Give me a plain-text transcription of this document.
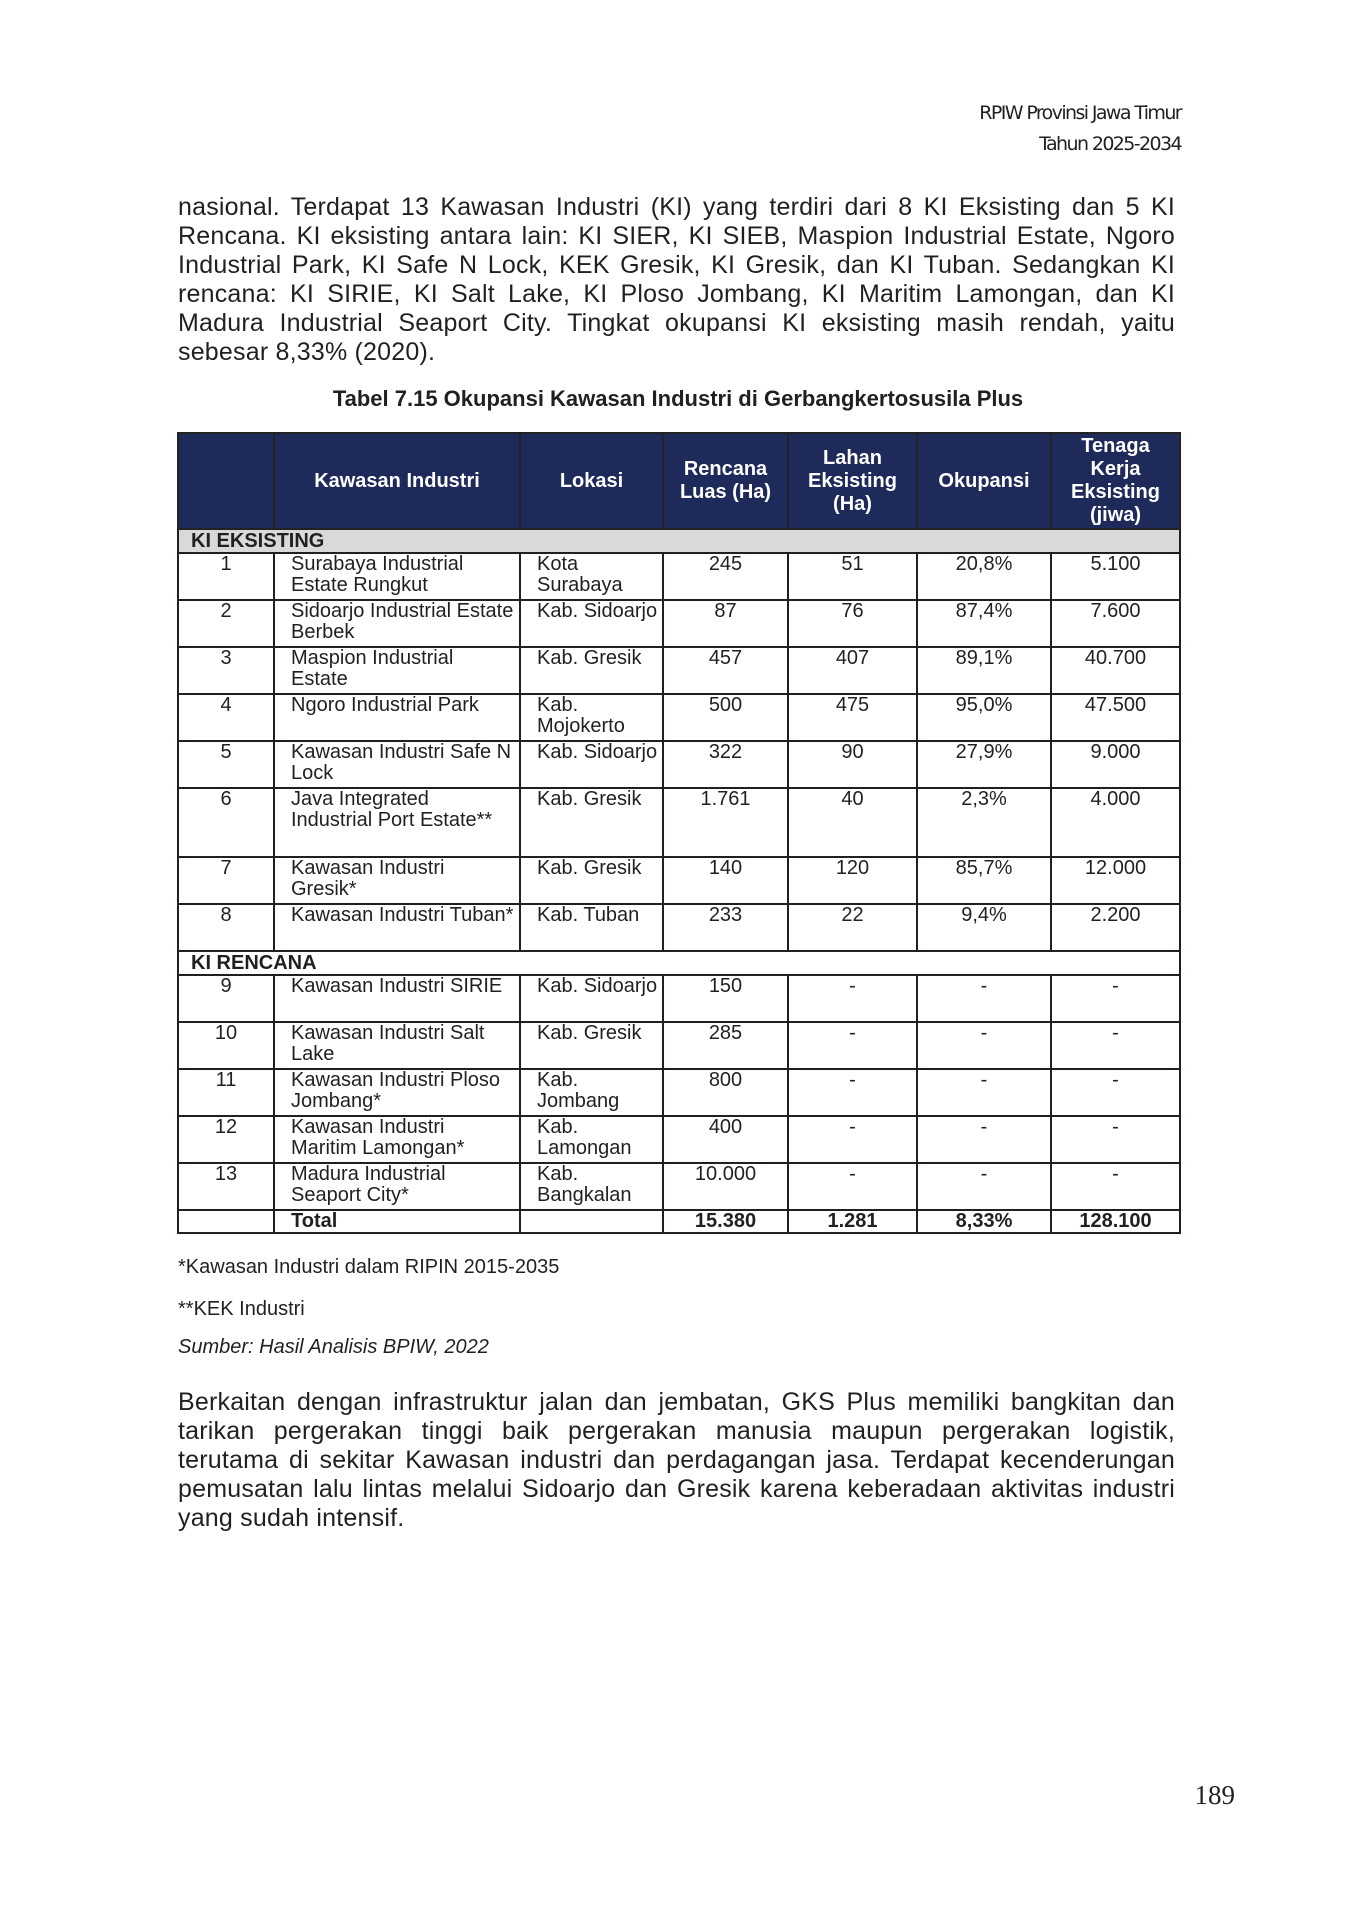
RPIW Provinsi Jawa Timur
Tahun 2025-2034
nasional. Terdapat 13 Kawasan Industri (KI) yang terdiri dari 8 KI Eksisting dan 5 KI Rencana. KI eksisting antara lain: KI SIER, KI SIEB, Maspion Industrial Estate, Ngoro Industrial Park, KI Safe N Lock, KEK Gresik, KI Gresik, dan KI Tuban. Sedangkan KI rencana: KI SIRIE, KI Salt Lake, KI Ploso Jombang, KI Maritim Lamongan, dan KI Madura Industrial Seaport City. Tingkat okupansi KI eksisting masih rendah, yaitu sebesar 8,33% (2020).
Tabel 7.15 Okupansi Kawasan Industri di Gerbangkertosusila Plus
	Kawasan Industri	Lokasi	Rencana Luas (Ha)	Lahan Eksisting (Ha)	Okupansi	Tenaga Kerja Eksisting (jiwa)
KI EKSISTING						
1	Surabaya Industrial Estate Rungkut	Kota Surabaya	245	51	20,8%	5.100
2	Sidoarjo Industrial Estate Berbek	Kab. Sidoarjo	87	76	87,4%	7.600
3	Maspion Industrial Estate	Kab. Gresik	457	407	89,1%	40.700
4	Ngoro Industrial Park	Kab. Mojokerto	500	475	95,0%	47.500
5	Kawasan Industri Safe N Lock	Kab. Sidoarjo	322	90	27,9%	9.000
6	Java Integrated Industrial Port Estate**	Kab. Gresik	1.761	40	2,3%	4.000
7	Kawasan Industri Gresik*	Kab. Gresik	140	120	85,7%	12.000
8	Kawasan Industri Tuban*	Kab. Tuban	233	22	9,4%	2.200
KI RENCANA						
9	Kawasan Industri SIRIE	Kab. Sidoarjo	150	-	-	-
10	Kawasan Industri Salt Lake	Kab. Gresik	285	-	-	-
11	Kawasan Industri Ploso Jombang*	Kab. Jombang	800	-	-	-
12	Kawasan Industri Maritim Lamongan*	Kab. Lamongan	400	-	-	-
13	Madura Industrial Seaport City*	Kab. Bangkalan	10.000	-	-	-
	Total		15.380	1.281	8,33%	128.100
*Kawasan Industri dalam RIPIN 2015-2035
**KEK Industri
Sumber: Hasil Analisis BPIW, 2022
Berkaitan dengan infrastruktur jalan dan jembatan, GKS Plus memiliki bangkitan dan tarikan pergerakan tinggi baik pergerakan manusia maupun pergerakan logistik, terutama di sekitar Kawasan industri dan perdagangan jasa. Terdapat kecenderungan pemusatan lalu lintas melalui Sidoarjo dan Gresik karena keberadaan aktivitas industri yang sudah intensif.
189
